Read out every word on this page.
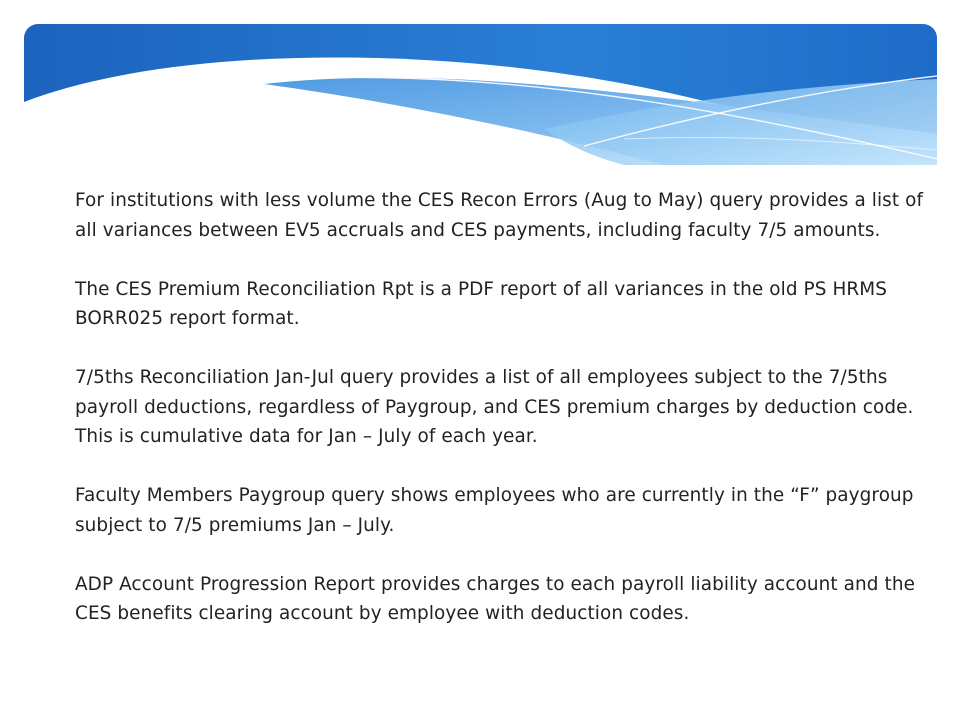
For institutions with less volume the CES Recon Errors (Aug to May) query provides a list of all variances between EV5 accruals and CES payments, including faculty 7/5 amounts.

The CES Premium Reconciliation Rpt is a PDF report of all variances in the old PS HRMS BORR025 report format.

7/5ths Reconciliation Jan-Jul query provides a list of all employees subject to the 7/5ths payroll deductions, regardless of Paygroup, and CES premium charges by deduction code. This is cumulative data for Jan – July of each year.

Faculty Members Paygroup query shows employees who are currently in the “F” paygroup subject to 7/5 premiums Jan – July.

ADP Account Progression Report provides charges to each payroll liability account and the CES benefits clearing account by employee with deduction codes.
